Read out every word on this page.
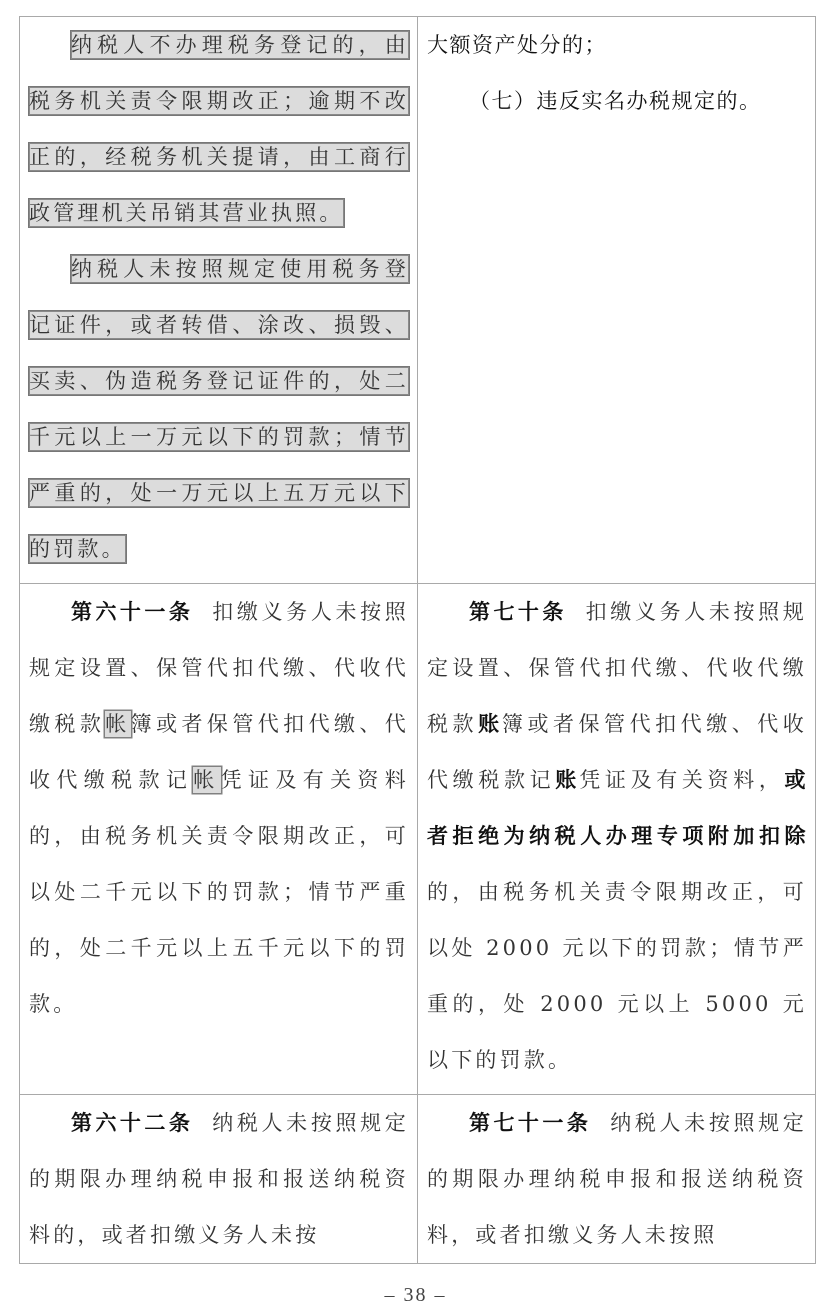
纳税人不办理税务登记的，由税务机关责令限期改正；逾期不改正的，经税务机关提请，由工商行政管理机关吊销其营业执照。
纳税人未按照规定使用税务登记证件，或者转借、涂改、损毁、买卖、伪造税务登记证件的，处二千元以上一万元以下的罚款；情节严重的，处一万元以上五万元以下的罚款。	大额资产处分的；
（七）违反实名办税规定的。

第六十一条 扣缴义务人未按照规定设置、保管代扣代缴、代收代缴税款帐簿或者保管代扣代缴、代收代缴税款记帐凭证及有关资料的，由税务机关责令限期改正，可以处二千元以下的罚款；情节严重的，处二千元以上五千元以下的罚款。	第七十条 扣缴义务人未按照规定设置、保管代扣代缴、代收代缴税款账簿或者保管代扣代缴、代收代缴税款记账凭证及有关资料，或者拒绝为纳税人办理专项附加扣除的，由税务机关责令限期改正，可以处 2000 元以下的罚款；情节严重的，处 2000 元以上 5000 元以下的罚款。

第六十二条 纳税人未按照规定的期限办理纳税申报和报送纳税资料的，或者扣缴义务人未按	第七十一条 纳税人未按照规定的期限办理纳税申报和报送纳税资料，或者扣缴义务人未按照
– 38 –
